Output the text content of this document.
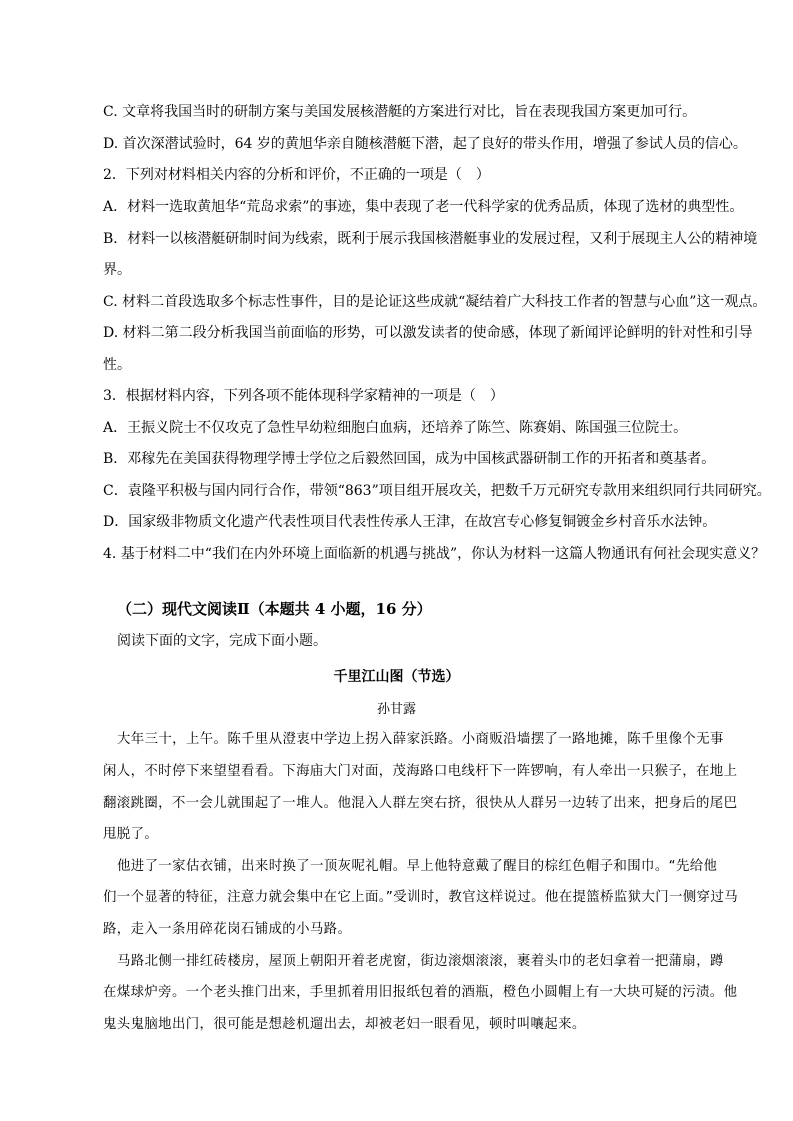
C. 文章将我国当时的研制方案与美国发展核潜艇的方案进行对比，旨在表现我国方案更加可行。
D. 首次深潜试验时，64 岁的黄旭华亲自随核潜艇下潜，起了良好的带头作用，增强了参试人员的信心。
2．下列对材料相关内容的分析和评价，不正确的一项是（　）
A．材料一选取黄旭华“荒岛求索”的事迹，集中表现了老一代科学家的优秀品质，体现了选材的典型性。
B．材料一以核潜艇研制时间为线索，既利于展示我国核潜艇事业的发展过程，又利于展现主人公的精神境
界。
C. 材料二首段选取多个标志性事件，目的是论证这些成就“凝结着广大科技工作者的智慧与心血”这一观点。
D. 材料二第二段分析我国当前面临的形势，可以激发读者的使命感，体现了新闻评论鲜明的针对性和引导
性。
3．根据材料内容，下列各项不能体现科学家精神的一项是（　）
A．王振义院士不仅攻克了急性早幼粒细胞白血病，还培养了陈竺、陈赛娟、陈国强三位院士。
B．邓稼先在美国获得物理学博士学位之后毅然回国，成为中国核武器研制工作的开拓者和奠基者。
C．袁隆平积极与国内同行合作，带领“863”项目组开展攻关，把数千万元研究专款用来组织同行共同研究。
D．国家级非物质文化遗产代表性项目代表性传承人王津，在故宫专心修复铜镀金乡村音乐水法钟。
4. 基于材料二中“我们在内外环境上面临新的机遇与挑战”，你认为材料一这篇人物通讯有何社会现实意义？
（二）现代文阅读Ⅱ（本题共 4 小题，16 分）
阅读下面的文字，完成下面小题。
千里江山图（节选）
孙甘露
大年三十，上午。陈千里从澄衷中学边上拐入薛家浜路。小商贩沿墙摆了一路地摊，陈千里像个无事
闲人，不时停下来望望看看。下海庙大门对面，茂海路口电线杆下一阵锣响，有人牵出一只猴子，在地上
翻滚跳圈，不一会儿就围起了一堆人。他混入人群左突右挤，很快从人群另一边转了出来，把身后的尾巴
甩脱了。
他进了一家估衣铺，出来时换了一顶灰呢礼帽。早上他特意戴了醒目的棕红色帽子和围巾。“先给他
们一个显著的特征，注意力就会集中在它上面。”受训时，教官这样说过。他在提篮桥监狱大门一侧穿过马
路，走入一条用碎花岗石铺成的小马路。
马路北侧一排红砖楼房，屋顶上朝阳开着老虎窗，街边滚烟滚滚，裹着头巾的老妇拿着一把蒲扇，蹲
在煤球炉旁。一个老头推门出来，手里抓着用旧报纸包着的酒瓶，橙色小圆帽上有一大块可疑的污渍。他
鬼头鬼脑地出门，很可能是想趁机遛出去，却被老妇一眼看见，顿时叫嚷起来。
